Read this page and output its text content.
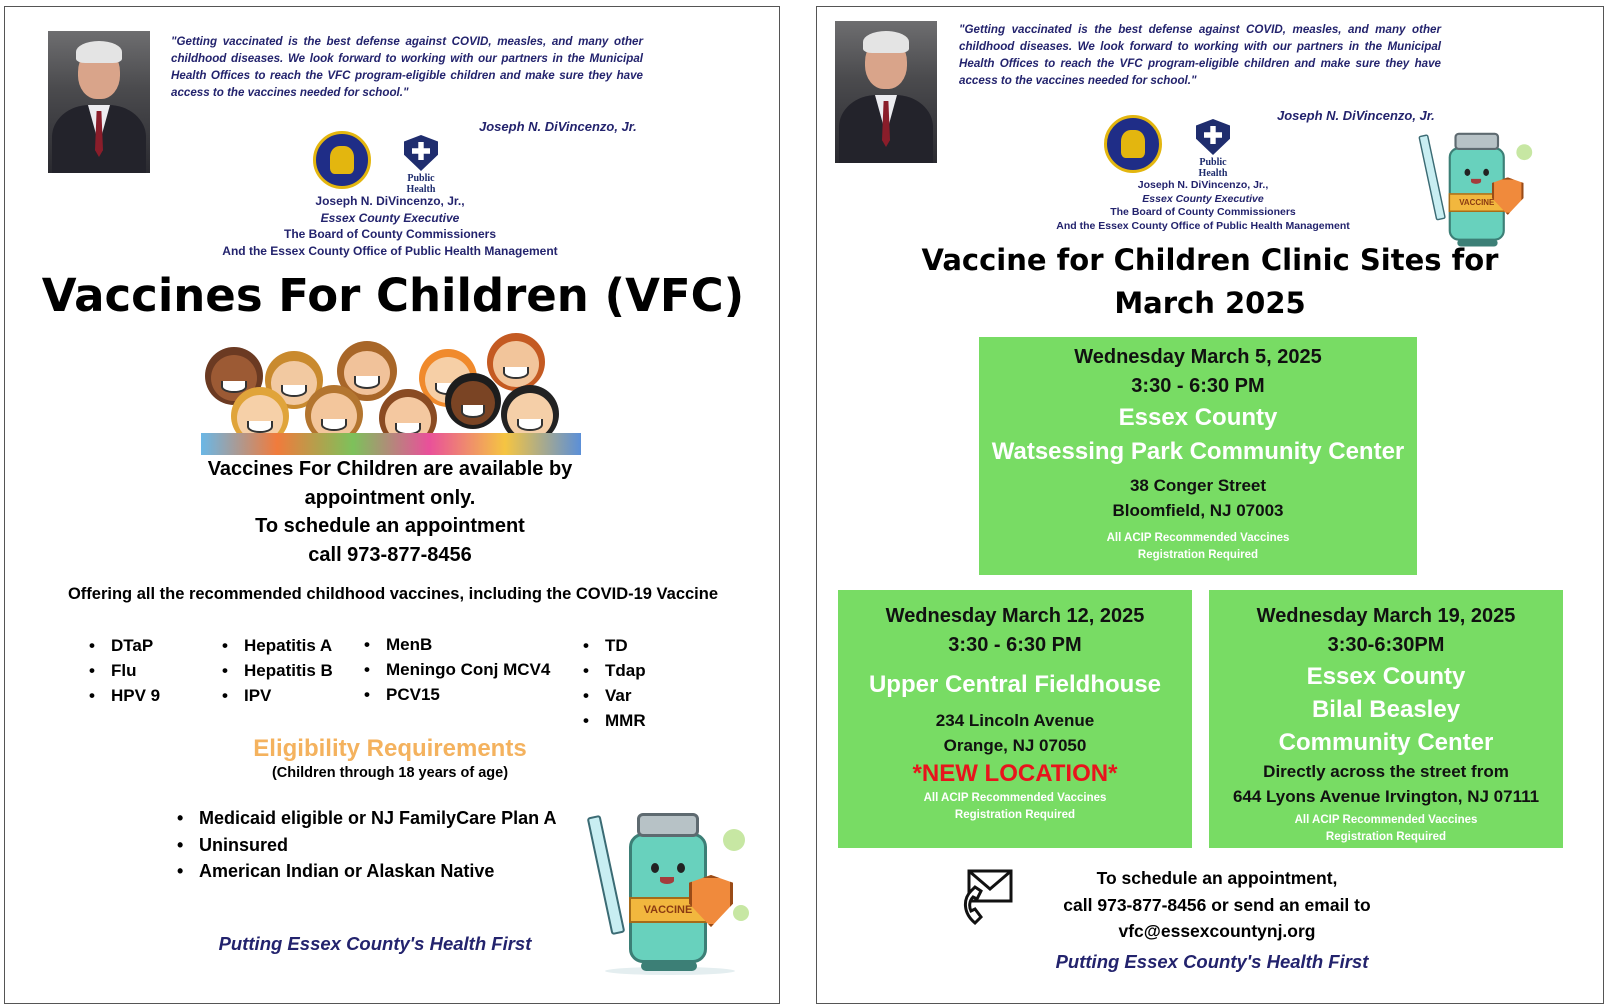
"Getting vaccinated is the best defense against COVID, measles, and many other childhood diseases. We look forward to working with our partners in the Municipal Health Offices to reach the VFC program-eligible children and make sure they have access to the vaccines needed for school."
Joseph N. DiVincenzo, Jr.
Public Health
Joseph N. DiVincenzo, Jr.,
Essex County Executive
The Board of County Commissioners
And the Essex County Office of Public Health Management
Vaccines For Children (VFC)
Vaccines For Children are available by
appointment only.
To schedule an appointment
call 973-877-8456
Offering all the recommended childhood vaccines, including the COVID-19 Vaccine
• DTaP
• Flu
• HPV 9
• Hepatitis A
• Hepatitis B
• IPV
• MenB
• Meningo Conj MCV4
• PCV15
• TD
• Tdap
• Var
• MMR
Eligibility Requirements
(Children through 18 years of age)
• Medicaid eligible or NJ FamilyCare Plan A
• Uninsured
• American Indian or Alaskan Native
VACCINE
Putting Essex County's Health First
"Getting vaccinated is the best defense against COVID, measles, and many other childhood diseases. We look forward to working with our partners in the Municipal Health Offices to reach the VFC program-eligible children and make sure they have access to the vaccines needed for school."
Joseph N. DiVincenzo, Jr.
Public Health
Joseph N. DiVincenzo, Jr.,
Essex County Executive
The Board of County Commissioners
And the Essex County Office of Public Health Management
VACCINE
Vaccine for Children Clinic Sites for
March 2025
Wednesday March 5, 2025
3:30 - 6:30 PM
Essex County
Watsessing Park Community Center
38 Conger Street
Bloomfield, NJ 07003
All ACIP Recommended Vaccines
Registration Required
Wednesday March 12, 2025
3:30 - 6:30 PM
Upper Central Fieldhouse
234 Lincoln Avenue
Orange, NJ 07050
*NEW LOCATION*
All ACIP Recommended Vaccines
Registration Required
Wednesday March 19, 2025
3:30-6:30PM
Essex County
Bilal Beasley
Community Center
Directly across the street from
644 Lyons Avenue Irvington, NJ 07111
All ACIP Recommended Vaccines
Registration Required
To schedule an appointment,
call 973-877-8456 or send an email to
vfc@essexcountynj.org
Putting Essex County's Health First
